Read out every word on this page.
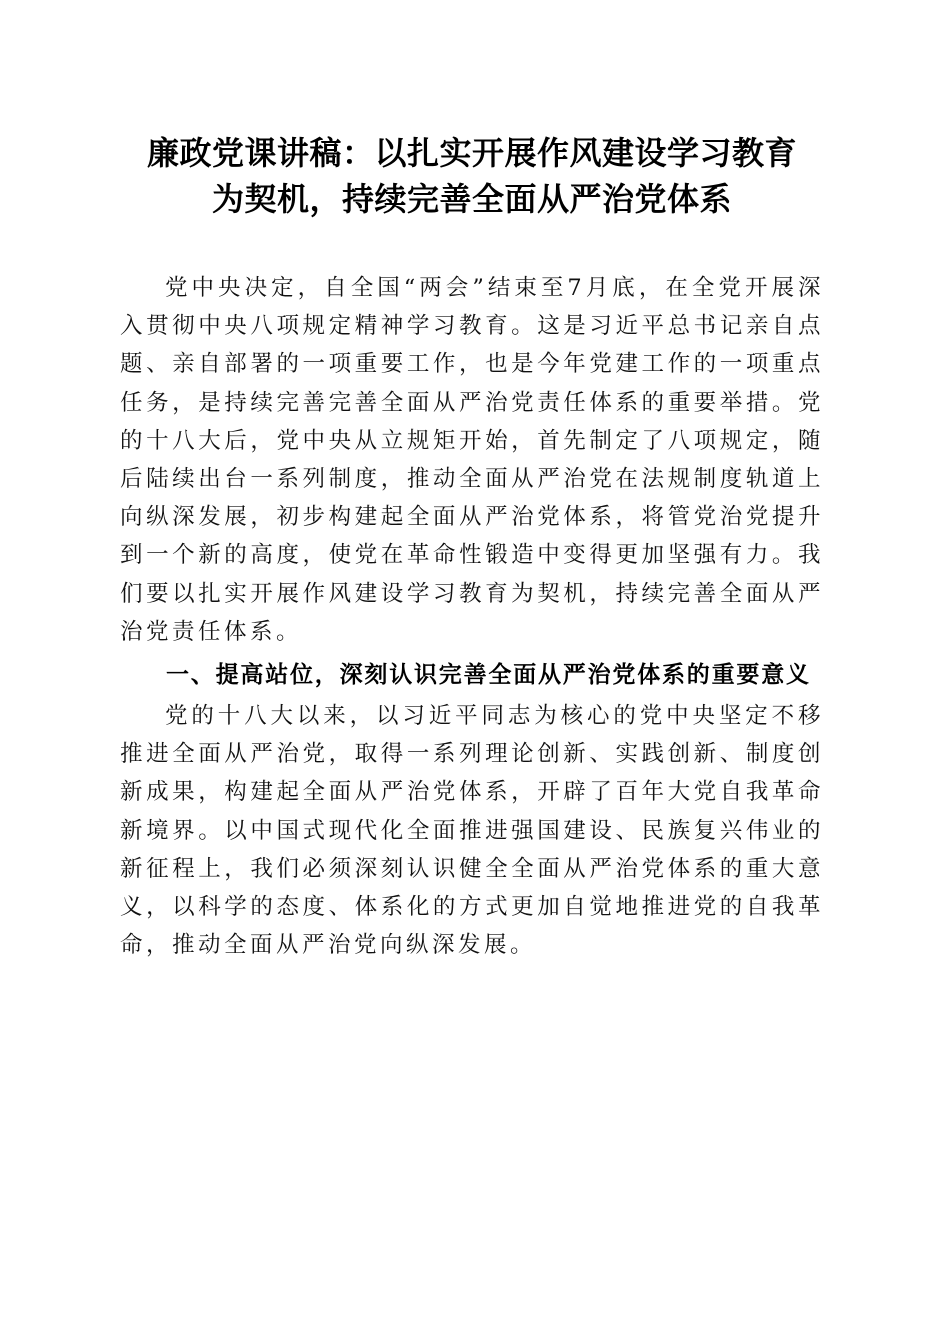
廉政党课讲稿：以扎实开展作风建设学习教育
为契机，持续完善全面从严治党体系

党中央决定，自全国“两会”结束至7月底，在全党开展深入贯彻中央八项规定精神学习教育。这是习近平总书记亲自点题、亲自部署的一项重要工作，也是今年党建工作的一项重点任务，是持续完善完善全面从严治党责任体系的重要举措。党的十八大后，党中央从立规矩开始，首先制定了八项规定，随后陆续出台一系列制度，推动全面从严治党在法规制度轨道上向纵深发展，初步构建起全面从严治党体系，将管党治党提升到一个新的高度，使党在革命性锻造中变得更加坚强有力。我们要以扎实开展作风建设学习教育为契机，持续完善全面从严治党责任体系。

一、提高站位，深刻认识完善全面从严治党体系的重要意义

党的十八大以来，以习近平同志为核心的党中央坚定不移推进全面从严治党，取得一系列理论创新、实践创新、制度创新成果，构建起全面从严治党体系，开辟了百年大党自我革命新境界。以中国式现代化全面推进强国建设、民族复兴伟业的新征程上，我们必须深刻认识健全全面从严治党体系的重大意义，以科学的态度、体系化的方式更加自觉地推进党的自我革命，推动全面从严治党向纵深发展。
